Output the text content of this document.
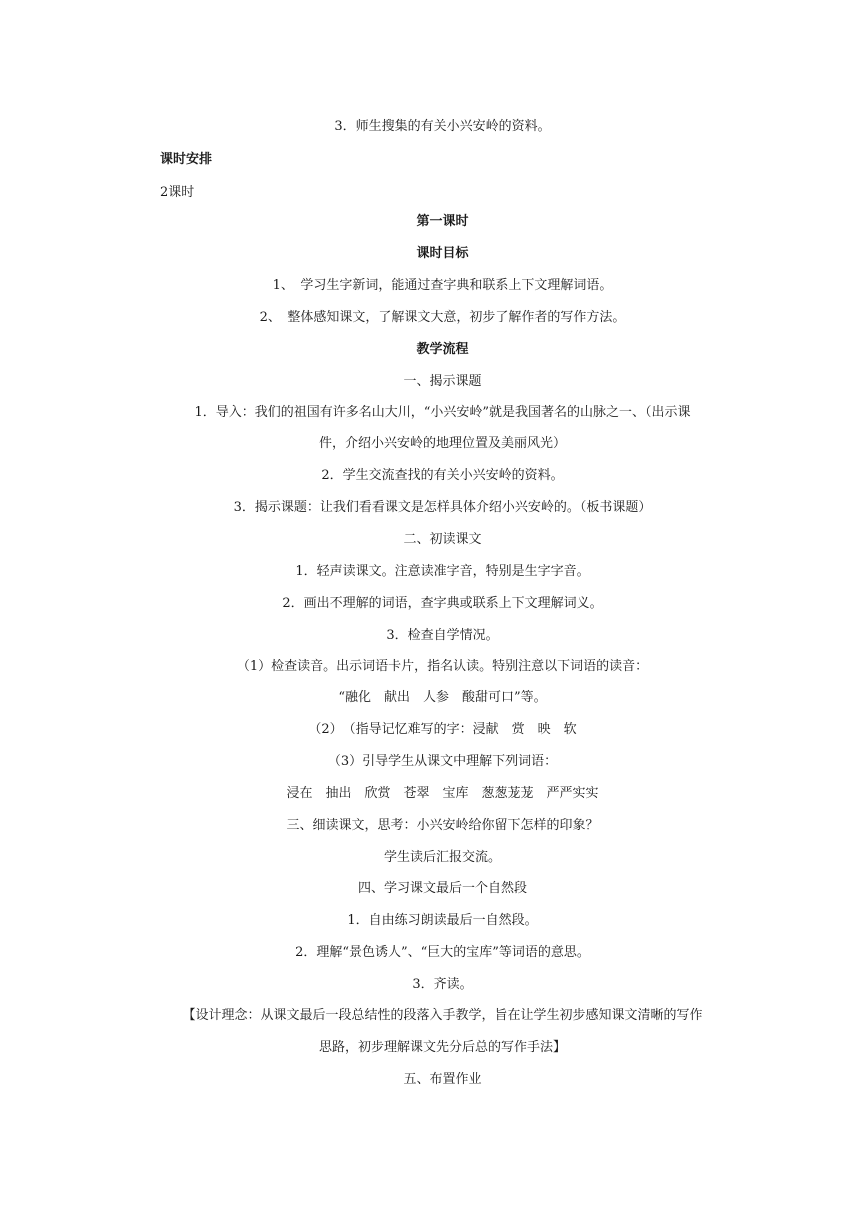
3．师生搜集的有关小兴安岭的资料。
课时安排
2课时
第一课时
课时目标
1、　学习生字新词，能通过查字典和联系上下文理解词语。
2、　整体感知课文，了解课文大意，初步了解作者的写作方法。
教学流程
一、揭示课题
1．导入：我们的祖国有许多名山大川，“小兴安岭”就是我国著名的山脉之一、（出示课
件，介绍小兴安岭的地理位置及美丽风光）
2．学生交流查找的有关小兴安岭的资料。
3．揭示课题：让我们看看课文是怎样具体介绍小兴安岭的。（板书课题）
二、初读课文
1．轻声读课文。注意读准字音，特别是生字字音。
2．画出不理解的词语，查字典或联系上下文理解词义。
3．检查自学情况。
（1）检查读音。出示词语卡片，指名认读。特别注意以下词语的读音：
“融化　献出　人参　酸甜可口”等。
（2）　（指导记忆难写的字：浸献　赏　映　软
（3）引导学生从课文中理解下列词语：
浸在　抽出　欣赏　苍翠　宝库　葱葱茏茏　严严实实
三、细读课文，思考：小兴安岭给你留下怎样的印象？
学生读后汇报交流。
四、学习课文最后一个自然段
1．自由练习朗读最后一自然段。
2．理解“景色诱人”、“巨大的宝库”等词语的意思。
3．齐读。
【设计理念：从课文最后一段总结性的段落入手教学，旨在让学生初步感知课文清晰的写作
思路，初步理解课文先分后总的写作手法】
五、布置作业
